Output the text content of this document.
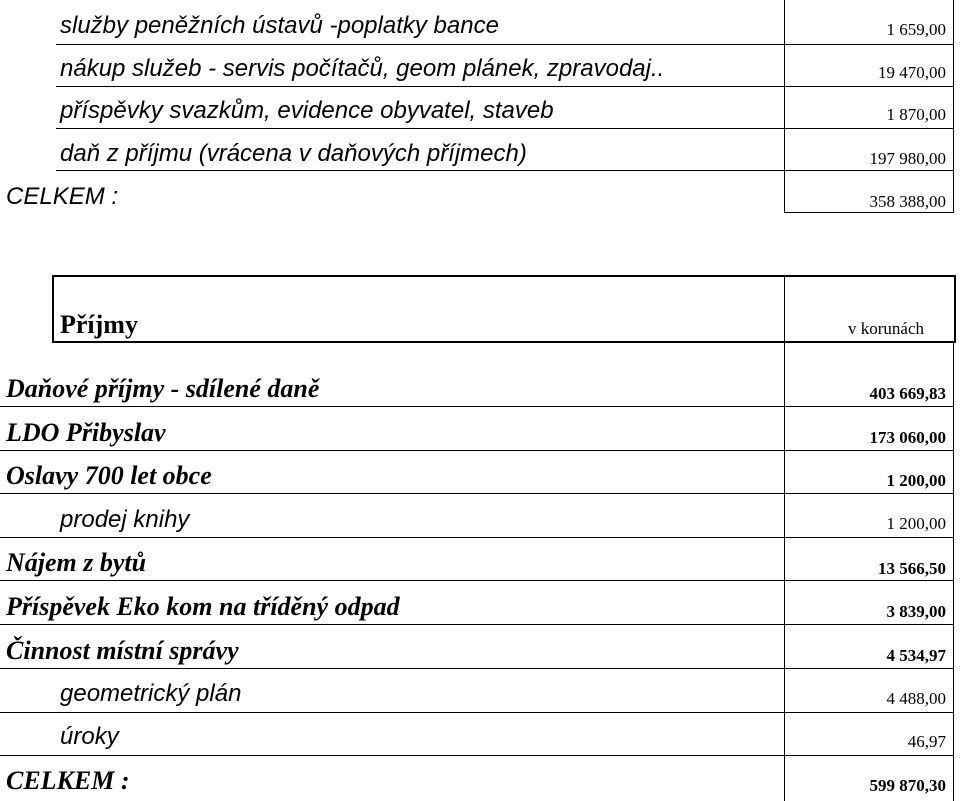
služby peněžních ústavů -poplatky bance	1 659,00
nákup služeb - servis počítačů, geom plánek, zpravodaj..	19 470,00
příspěvky svazkům, evidence obyvatel, staveb	1 870,00
daň z příjmu (vrácena v daňových příjmech)	197 980,00
CELKEM :	358 388,00
Příjmy	v korunách
Daňové příjmy - sdílené daně	403 669,83
LDO Přibyslav	173 060,00
Oslavy 700 let obce	1 200,00
prodej knihy	1 200,00
Nájem z bytů	13 566,50
Příspěvek Eko kom na tříděný odpad	3 839,00
Činnost místní správy	4 534,97
geometrický plán	4 488,00
úroky	46,97
CELKEM :	599 870,30
